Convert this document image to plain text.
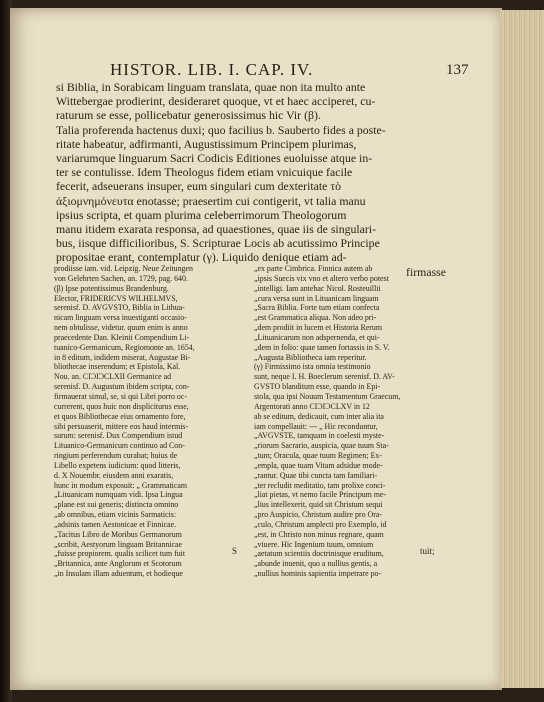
HISTOR. LIB. I. CAP. IV.	137
si Biblia, in Sorabicam linguam translata, quae non ita multo ante
Wittebergae prodierint, desideraret quoque, vt et haec acciperet, cu-
raturum se esse, pollicebatur generosissimus hic Vir (β).
Talia proferenda hactenus duxi; quo facilius b. Sauberto fides a poste-
ritate habeatur, adfirmanti, Augustissimum Principem plurimas,
variarumque linguarum Sacri Codicis Editiones euoluisse atque in-
ter se contulisse. Idem Theologus fidem etiam vnicuique facile
fecerit, adseuerans insuper, eum singulari cum dexteritate τὸ
ἀξιομνημόνευτα enotasse; praesertim cui contigerit, vt talia manu
ipsius scripta, et quam plurima celeberrimorum Theologorum
manu itidem exarata responsa, ad quaestiones, quae iis de singulari-
bus, iisque difficilioribus, S. Scripturae Locis ab acutissimo Principe
propositae erant, contemplatur (γ). Liquido denique etiam ad-
firmasse
prodiisse iam. vid. Leipzig. Neue Zeitungen
von Gelehrten Sachen, an. 1729, pag. 640.
(β) Ipse potentissimus Brandenburg.
Elector, FRIDERICVS WILHELMVS,
serenisf. D. AVGVSTO, Biblia in Lithua-
nicam linguam versa inuestiganti occasio-
nem obtulisse, videtur. quum enim is anno
praecedente Dan. Kleinii Compendium Li-
tuanico-Germanicum, Regiomonte an. 1654,
in 8 editum, indidem miserat, Augustae Bi-
bliothecae inserendum; et Epistola, Kal.
Nou. an. CIƆIƆCLXII Germanice ad
serenisf. D. Augustum ibidem scripta, con-
firmauerat simul, se, si qui Libri porro oc-
currerent, quos huic non displiciturus esse,
et quos Bibliothecae eius ornamento fore,
sibi persuaserit, mittere eos haud intermis-
surum: serenisf. Dux Compendium istud
Lituanico-Germanicum continuo ad Con-
ringium perferendum curabat; huius de
Libello expetens iudicium: quod litteris,
d. X Nouembr. eiusdem anni exaratis,
hunc in modum exposuit: „ Grammaticam
„Lituanicam numquam vidi. Ipsa Lingua
„plane est sui generis; distincta omnino
„ab omnibus, etiam vicinis Sarmaticis:
„adsinis tamen Aestonicae et Finnicae.
„Tacitus Libro de Moribus Germanorum
„scribit, Aestyorum linguam Britannicae
„fuisse propiorem. qualis scilicet tum fuit
„Britannica, ante Anglorum et Scotorum
„in Insulam illam aduentum, et hodieque
„ex parte Cimbrica. Finnica autem ab
„ipsis Suecis vix vno et altero verbo potest
„intelligi. Iam antehac Nicol. Rosteuillii
„cura versa sunt in Lituanicam linguam
„Sacra Biblia. Forte tum etiam confecta
„est Grammatica aliqua. Non adeo pri-
„dem prodiit in lucem et Historia Rerum
„Lituanicarum non adspernenda, et qui-
„dem in folio: quae tamen fortassis in S. V.
„Augusta Bibliotheca iam reperitur.
(γ) Firmissimo ista omnia testimonio
sunt, neque I. H. Boeclerum serenisf. D. AV-
GVSTO blanditum esse, quando in Epi-
stola, qua ipsi Nouum Testamentum Graecum,
Argentorati anno CIƆIƆCLXV in 12
ab se editum, dedicauit, cum inter alia ita
iam compellauit: --- „ Hic reconduntur,
„AVGVSTE, tamquam in coelesti myste-
„riorum Sacrario, auspicia, quae tuum Sta-
„tum; Oracula, quae tuum Regimen; Ex-
„empla, quae tuam Vitam adsidue mode-
„rantur. Quae tibi cuncta tam familiari-
„ter recludit meditatio, tam prolixe conci-
„liat pietas, vt nemo facile Principum me-
„lius intellexerit, quid sit Christum sequi
„pro Auspicio, Christum audire pro Ora-
„culo, Christum amplecti pro Exemplo, id
„est, in Christo non minus regnare, quam
„viuere. Hic Ingenium tuum, omnium
„aetatum scientiis doctrinisque eruditum,
„abunde inuenit, quo a nullius gentis, a
„nullius hominis sapientia impetrare po-
S	tuit;
